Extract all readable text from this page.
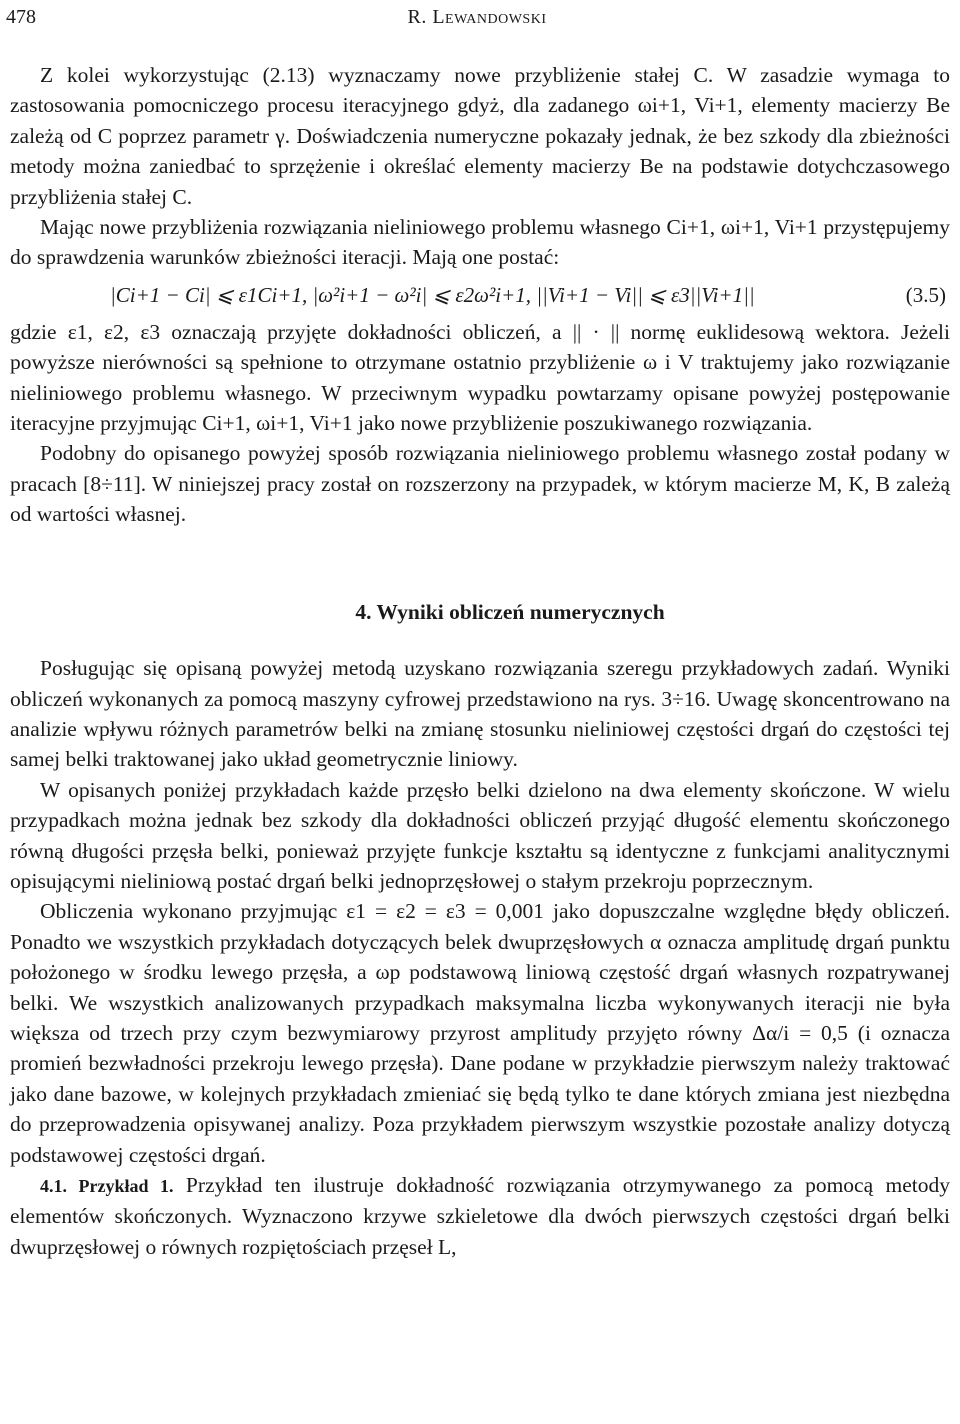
478	R. Lewandowski

Z kolei wykorzystując (2.13) wyznaczamy nowe przybliżenie stałej C. W zasadzie wymaga to zastosowania pomocniczego procesu iteracyjnego gdyż, dla zadanego ωi+1, Vi+1, elementy macierzy Be zależą od C poprzez parametr γ. Doświadczenia numeryczne pokazały jednak, że bez szkody dla zbieżności metody można zaniedbać to sprzężenie i określać elementy macierzy Be na podstawie dotychczasowego przybliżenia stałej C.

Mając nowe przybliżenia rozwiązania nieliniowego problemu własnego Ci+1, ωi+1, Vi+1 przystępujemy do sprawdzenia warunków zbieżności iteracji. Mają one postać:

|Ci+1 − Ci| ⩽ ε1Ci+1, |ω²i+1 − ω²i| ⩽ ε2ω²i+1, ||Vi+1 − Vi|| ⩽ ε3||Vi+1||	(3.5)

gdzie ε1, ε2, ε3 oznaczają przyjęte dokładności obliczeń, a || · || normę euklidesową wektora. Jeżeli powyższe nierówności są spełnione to otrzymane ostatnio przybliżenie ω i V traktujemy jako rozwiązanie nieliniowego problemu własnego. W przeciwnym wypadku powtarzamy opisane powyżej postępowanie iteracyjne przyjmując Ci+1, ωi+1, Vi+1 jako nowe przybliżenie poszukiwanego rozwiązania.

Podobny do opisanego powyżej sposób rozwiązania nieliniowego problemu własnego został podany w pracach [8÷11]. W niniejszej pracy został on rozszerzony na przypadek, w którym macierze M, K, B zależą od wartości własnej.

4. Wyniki obliczeń numerycznych

Posługując się opisaną powyżej metodą uzyskano rozwiązania szeregu przykładowych zadań. Wyniki obliczeń wykonanych za pomocą maszyny cyfrowej przedstawiono na rys. 3÷16. Uwagę skoncentrowano na analizie wpływu różnych parametrów belki na zmianę stosunku nieliniowej częstości drgań do częstości tej samej belki traktowanej jako układ geometrycznie liniowy.

W opisanych poniżej przykładach każde przęsło belki dzielono na dwa elementy skończone. W wielu przypadkach można jednak bez szkody dla dokładności obliczeń przyjąć długość elementu skończonego równą długości przęsła belki, ponieważ przyjęte funkcje kształtu są identyczne z funkcjami analitycznymi opisującymi nieliniową postać drgań belki jednoprzęsłowej o stałym przekroju poprzecznym.

Obliczenia wykonano przyjmując ε1 = ε2 = ε3 = 0,001 jako dopuszczalne względne błędy obliczeń. Ponadto we wszystkich przykładach dotyczących belek dwuprzęsłowych α oznacza amplitudę drgań punktu położonego w środku lewego przęsła, a ωp podstawową liniową częstość drgań własnych rozpatrywanej belki. We wszystkich analizowanych przypadkach maksymalna liczba wykonywanych iteracji nie była większa od trzech przy czym bezwymiarowy przyrost amplitudy przyjęto równy Δα/i = 0,5 (i oznacza promień bezwładności przekroju lewego przęsła). Dane podane w przykładzie pierwszym należy traktować jako dane bazowe, w kolejnych przykładach zmieniać się będą tylko te dane których zmiana jest niezbędna do przeprowadzenia opisywanej analizy. Poza przykładem pierwszym wszystkie pozostałe analizy dotyczą podstawowej częstości drgań.

4.1. Przykład 1. Przykład ten ilustruje dokładność rozwiązania otrzymywanego za pomocą metody elementów skończonych. Wyznaczono krzywe szkieletowe dla dwóch pierwszych częstości drgań belki dwuprzęsłowej o równych rozpiętościach przęseł L,
